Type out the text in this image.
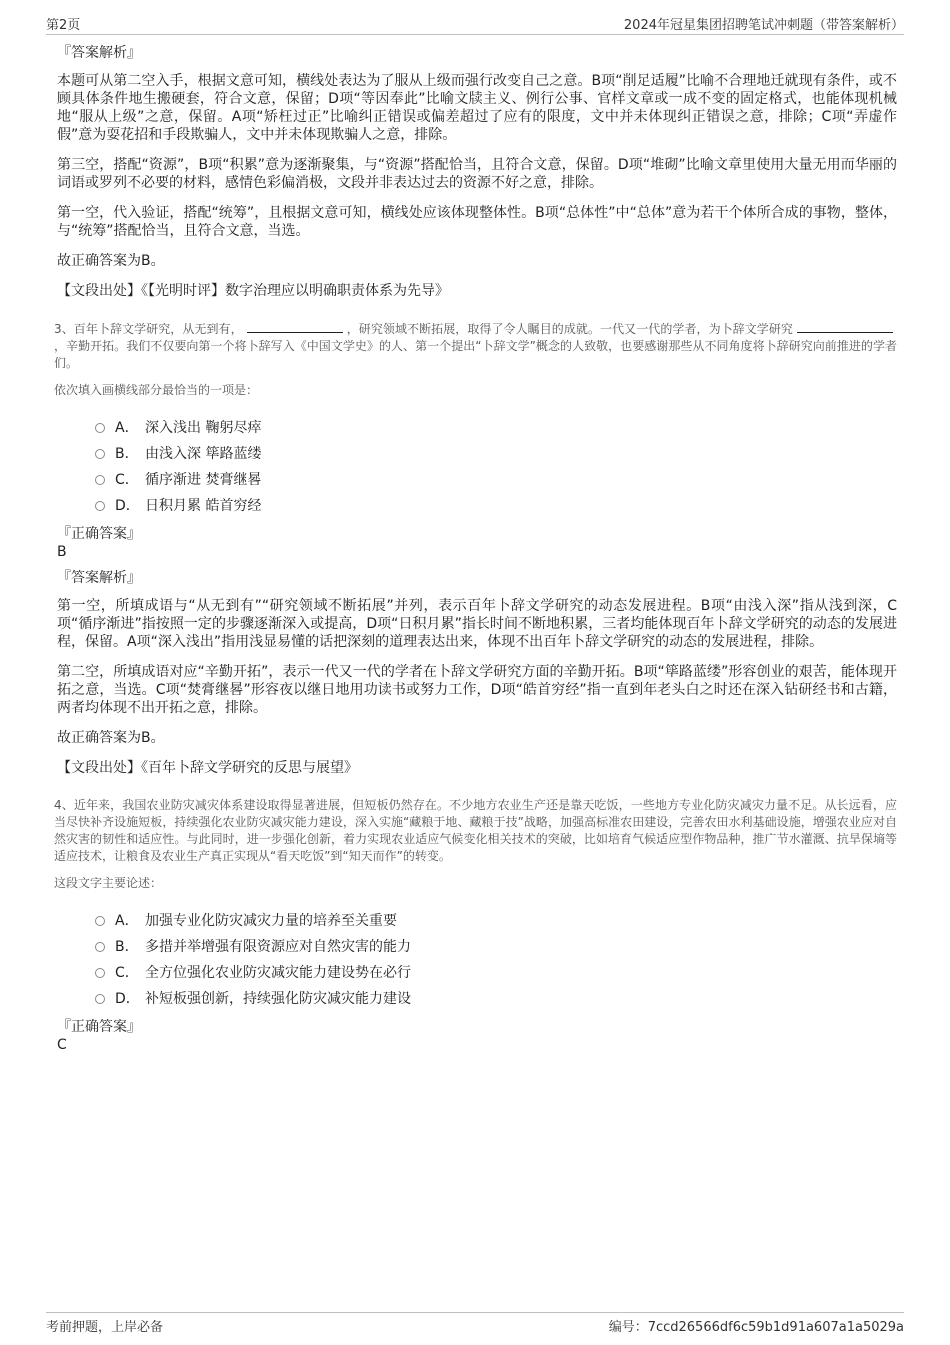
第2页	2024年冠星集团招聘笔试冲刺题（带答案解析）
『答案解析』

本题可从第二空入手，根据文意可知，横线处表达为了服从上级而强行改变自己之意。B项“削足适履”比喻不合理地迁就现有条件，或不顾具体条件地生搬硬套，符合文意，保留；D项“等因奉此”比喻文牍主义、例行公事、官样文章或一成不变的固定格式，也能体现机械地“服从上级”之意，保留。A项“矫枉过正”比喻纠正错误或偏差超过了应有的限度，文中并未体现纠正错误之意，排除；C项“弄虚作假”意为耍花招和手段欺骗人，文中并未体现欺骗人之意，排除。

第三空，搭配“资源”，B项“积累”意为逐渐聚集，与“资源”搭配恰当，且符合文意，保留。D项“堆砌”比喻文章里使用大量无用而华丽的词语或罗列不必要的材料，感情色彩偏消极，文段并非表达过去的资源不好之意，排除。

第一空，代入验证，搭配“统筹”，且根据文意可知，横线处应该体现整体性。B项“总体性”中“总体”意为若干个体所合成的事物，整体，与“统筹”搭配恰当，且符合文意，当选。

故正确答案为B。

【文段出处】《【光明时评】数字治理应以明确职责体系为先导》

3、百年卜辞文学研究，从无到有，	，研究领域不断拓展，取得了令人瞩目的成就。一代又一代的学者，为卜辞文学研究，辛勤开拓。我们不仅要向第一个将卜辞写入《中国文学史》的人、第一个提出“卜辞文学”概念的人致敬，也要感谢那些从不同角度将卜辞研究向前推进的学者们。

依次填入画横线部分最恰当的一项是：

A． 深入浅出 鞠躬尽瘁
B． 由浅入深 筚路蓝缕
C． 循序渐进 焚膏继晷
D． 日积月累 皓首穷经
『正确答案』
B
『答案解析』

第一空，所填成语与“从无到有”“研究领域不断拓展”并列，表示百年卜辞文学研究的动态发展进程。B项“由浅入深”指从浅到深，C项“循序渐进”指按照一定的步骤逐渐深入或提高，D项“日积月累”指长时间不断地积累，三者均能体现百年卜辞文学研究的动态的发展进程，保留。A项“深入浅出”指用浅显易懂的话把深刻的道理表达出来，体现不出百年卜辞文学研究的动态的发展进程，排除。

第二空，所填成语对应“辛勤开拓”，表示一代又一代的学者在卜辞文学研究方面的辛勤开拓。B项“筚路蓝缕”形容创业的艰苦，能体现开拓之意，当选。C项“焚膏继晷”形容夜以继日地用功读书或努力工作，D项“皓首穷经”指一直到年老头白之时还在深入钻研经书和古籍，两者均体现不出开拓之意，排除。

故正确答案为B。

【文段出处】《百年卜辞文学研究的反思与展望》

4、近年来，我国农业防灾减灾体系建设取得显著进展，但短板仍然存在。不少地方农业生产还是靠天吃饭，一些地方专业化防灾减灾力量不足。从长远看，应当尽快补齐设施短板，持续强化农业防灾减灾能力建设，深入实施“藏粮于地、藏粮于技”战略，加强高标准农田建设，完善农田水利基础设施，增强农业应对自然灾害的韧性和适应性。与此同时，进一步强化创新，着力实现农业适应气候变化相关技术的突破，比如培育气候适应型作物品种，推广节水灌溉、抗旱保墒等适应技术，让粮食及农业生产真正实现从“看天吃饭”到“知天而作”的转变。

这段文字主要论述：

A． 加强专业化防灾减灾力量的培养至关重要
B． 多措并举增强有限资源应对自然灾害的能力
C． 全方位强化农业防灾减灾能力建设势在必行
D． 补短板强创新，持续强化防灾减灾能力建设
『正确答案』
C
考前押题，上岸必备	编号：7ccd26566df6c59b1d91a607a1a5029a
